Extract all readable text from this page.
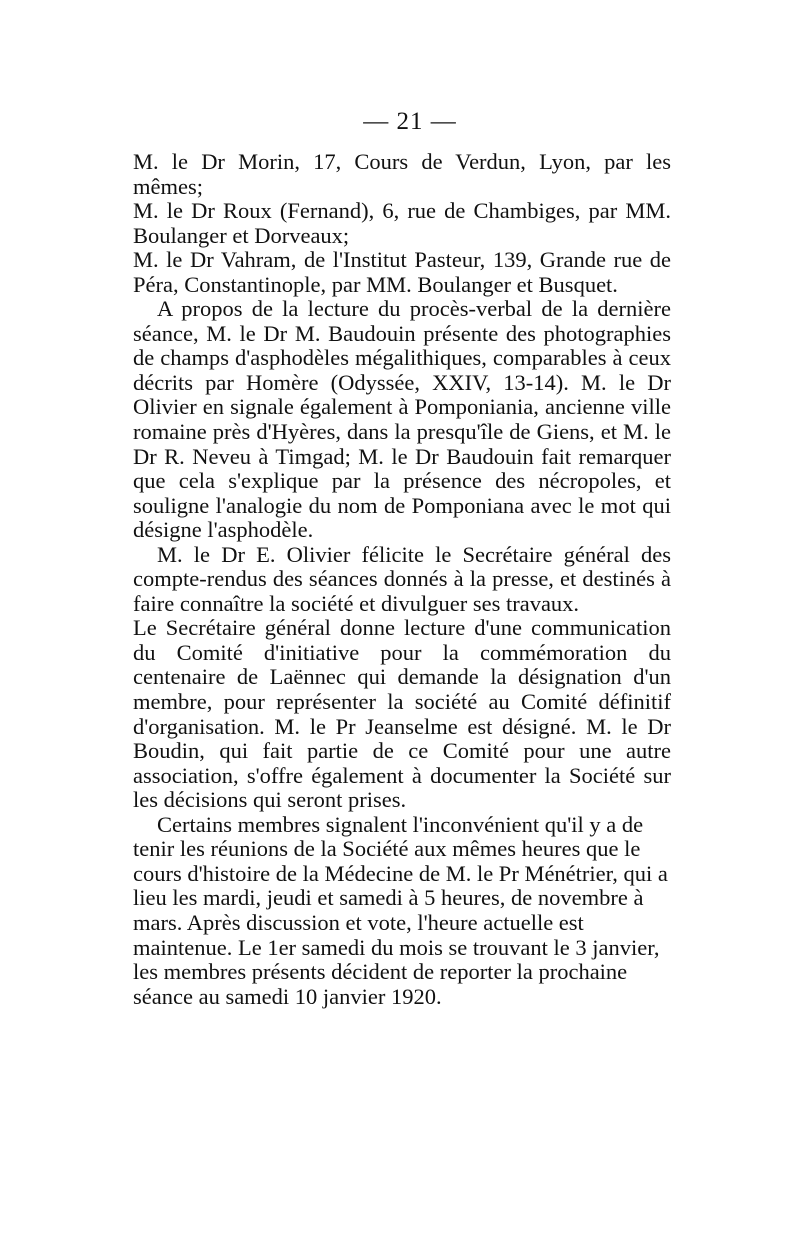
— 21 —

M. le Dr Morin, 17, Cours de Verdun, Lyon, par les mêmes;

M. le Dr Roux (Fernand), 6, rue de Chambiges, par MM. Boulanger et Dorveaux;

M. le Dr Vahram, de l'Institut Pasteur, 139, Grande rue de Péra, Constantinople, par MM. Boulanger et Busquet.

A propos de la lecture du procès-verbal de la dernière séance, M. le Dr M. Baudouin présente des photographies de champs d'asphodèles mégalithiques, comparables à ceux décrits par Homère (Odyssée, XXIV, 13-14). M. le Dr Olivier en signale également à Pomponiania, ancienne ville romaine près d'Hyères, dans la presqu'île de Giens, et M. le Dr R. Neveu à Timgad; M. le Dr Baudouin fait remarquer que cela s'explique par la présence des nécropoles, et souligne l'analogie du nom de Pomponiana avec le mot qui désigne l'asphodèle.

M. le Dr E. Olivier félicite le Secrétaire général des compte-rendus des séances donnés à la presse, et destinés à faire connaître la société et divulguer ses travaux.

Le Secrétaire général donne lecture d'une communication du Comité d'initiative pour la commémoration du centenaire de Laënnec qui demande la désignation d'un membre, pour représenter la société au Comité définitif d'organisation. M. le Pr Jeanselme est désigné. M. le Dr Boudin, qui fait partie de ce Comité pour une autre association, s'offre également à documenter la Société sur les décisions qui seront prises.

Certains membres signalent l'inconvénient qu'il y a de tenir les réunions de la Société aux mêmes heures que le cours d'histoire de la Médecine de M. le Pr Ménétrier, qui a lieu les mardi, jeudi et samedi à 5 heures, de novembre à mars. Après discussion et vote, l'heure actuelle est maintenue. Le 1er samedi du mois se trouvant le 3 janvier, les membres présents décident de reporter la prochaine séance au samedi 10 janvier 1920.
